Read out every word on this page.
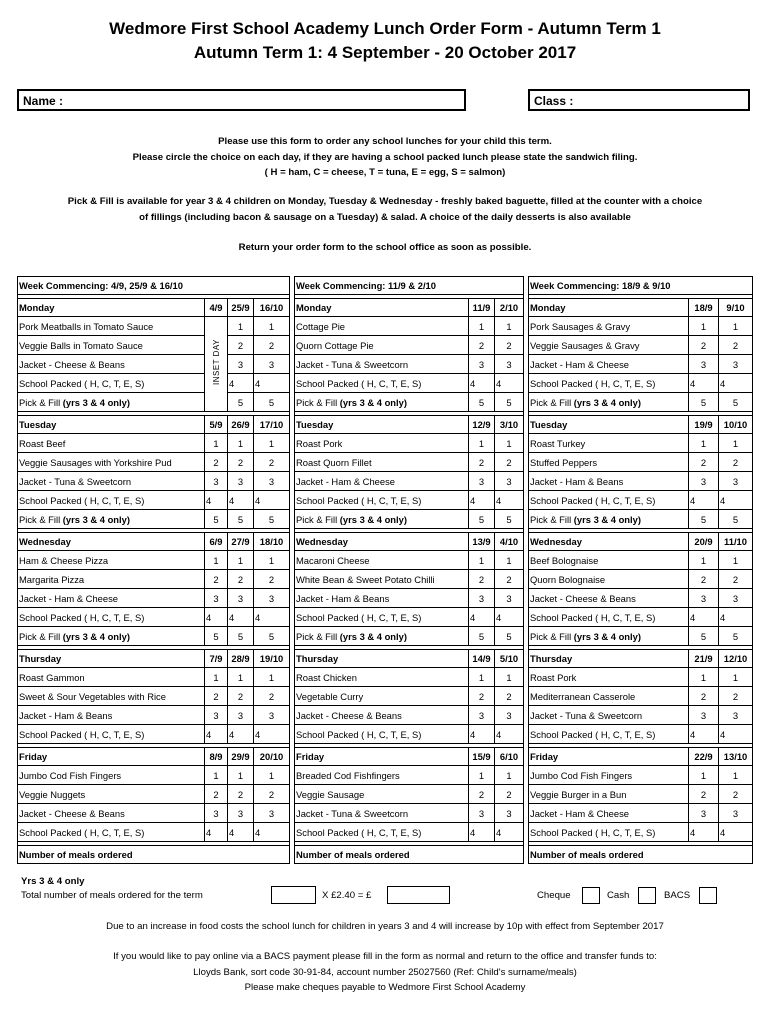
Wedmore First School Academy Lunch Order Form - Autumn Term 1
Autumn Term 1: 4 September - 20 October 2017
Name :	Class :

Please use this form to order any school lunches for your child this term.

Please circle the choice on each day, if they are having a school packed lunch please state the sandwich filing.

( H = ham, C = cheese, T = tuna, E = egg, S = salmon)

Pick & Fill is available for year 3 & 4 children on Monday, Tuesday & Wednesday - freshly baked baguette, filled at the counter with a choice

of fillings (including bacon & sausage on a Tuesday) & salad. A choice of the daily desserts is also available

Return your order form to the school office as soon as possible.

Week Commencing: 4/9, 25/9 & 16/10			

Monday	4/9	25/9	16/10
Pork Meatballs in Tomato Sauce	INSET DAY	1	1
Veggie Balls in Tomato Sauce		2	2
Jacket - Cheese & Beans		3	3
School Packed ( H, C, T, E, S)		4	4
Pick & Fill (yrs 3 & 4 only)		5	5

Tuesday	5/9	26/9	17/10
Roast Beef	1	1	1
Veggie Sausages with Yorkshire Pud	2	2	2
Jacket - Tuna & Sweetcorn	3	3	3
School Packed ( H, C, T, E, S)	4	4	4
Pick & Fill (yrs 3 & 4 only)	5	5	5

Wednesday	6/9	27/9	18/10
Ham & Cheese Pizza	1	1	1
Margarita Pizza	2	2	2
Jacket - Ham & Cheese	3	3	3
School Packed ( H, C, T, E, S)	4	4	4
Pick & Fill (yrs 3 & 4 only)	5	5	5

Thursday	7/9	28/9	19/10
Roast Gammon	1	1	1
Sweet & Sour Vegetables with Rice	2	2	2
Jacket - Ham & Beans	3	3	3
School Packed ( H, C, T, E, S)	4	4	4

Friday	8/9	29/9	20/10
Jumbo Cod Fish Fingers	1	1	1
Veggie Nuggets	2	2	2
Jacket - Cheese & Beans	3	3	3
School Packed ( H, C, T, E, S)	4	4	4

Number of meals ordered			
Week Commencing: 11/9 & 2/10		

Monday	11/9	2/10
Cottage Pie	1	1
Quorn Cottage Pie	2	2
Jacket - Tuna & Sweetcorn	3	3
School Packed ( H, C, T, E, S)	4	4
Pick & Fill (yrs 3 & 4 only)	5	5

Tuesday	12/9	3/10
Roast Pork	1	1
Roast Quorn Fillet	2	2
Jacket - Ham & Cheese	3	3
School Packed ( H, C, T, E, S)	4	4
Pick & Fill (yrs 3 & 4 only)	5	5

Wednesday	13/9	4/10
Macaroni Cheese	1	1
White Bean & Sweet Potato Chilli	2	2
Jacket - Ham & Beans	3	3
School Packed ( H, C, T, E, S)	4	4
Pick & Fill (yrs 3 & 4 only)	5	5

Thursday	14/9	5/10
Roast Chicken	1	1
Vegetable Curry	2	2
Jacket - Cheese & Beans	3	3
School Packed ( H, C, T, E, S)	4	4

Friday	15/9	6/10
Breaded Cod Fishfingers	1	1
Veggie Sausage	2	2
Jacket - Tuna & Sweetcorn	3	3
School Packed ( H, C, T, E, S)	4	4

Number of meals ordered		
Week Commencing: 18/9 & 9/10		

Monday	18/9	9/10
Pork Sausages & Gravy	1	1
Veggie Sausages & Gravy	2	2
Jacket - Ham & Cheese	3	3
School Packed ( H, C, T, E, S)	4	4
Pick & Fill (yrs 3 & 4 only)	5	5

Tuesday	19/9	10/10
Roast Turkey	1	1
Stuffed Peppers	2	2
Jacket - Ham & Beans	3	3
School Packed ( H, C, T, E, S)	4	4
Pick & Fill (yrs 3 & 4 only)	5	5

Wednesday	20/9	11/10
Beef Bolognaise	1	1
Quorn Bolognaise	2	2
Jacket - Cheese & Beans	3	3
School Packed ( H, C, T, E, S)	4	4
Pick & Fill (yrs 3 & 4 only)	5	5

Thursday	21/9	12/10
Roast Pork	1	1
Mediterranean Casserole	2	2
Jacket - Tuna & Sweetcorn	3	3
School Packed ( H, C, T, E, S)	4	4

Friday	22/9	13/10
Jumbo Cod Fish Fingers	1	1
Veggie Burger in a Bun	2	2
Jacket - Ham & Cheese	3	3
School Packed ( H, C, T, E, S)	4	4

Number of meals ordered		
Yrs 3 & 4 only
Total number of meals ordered for the term	X £2.40 = £	Cheque	Cash	BACS

Due to an increase in food costs the school lunch for children in years 3 and 4 will increase by 10p with effect from September 2017

If you would like to pay online via a BACS payment please fill in the form as normal and return to the office and transfer funds to:

Lloyds Bank, sort code 30-91-84, account number 25027560 (Ref: Child's surname/meals)

Please make cheques payable to Wedmore First School Academy
